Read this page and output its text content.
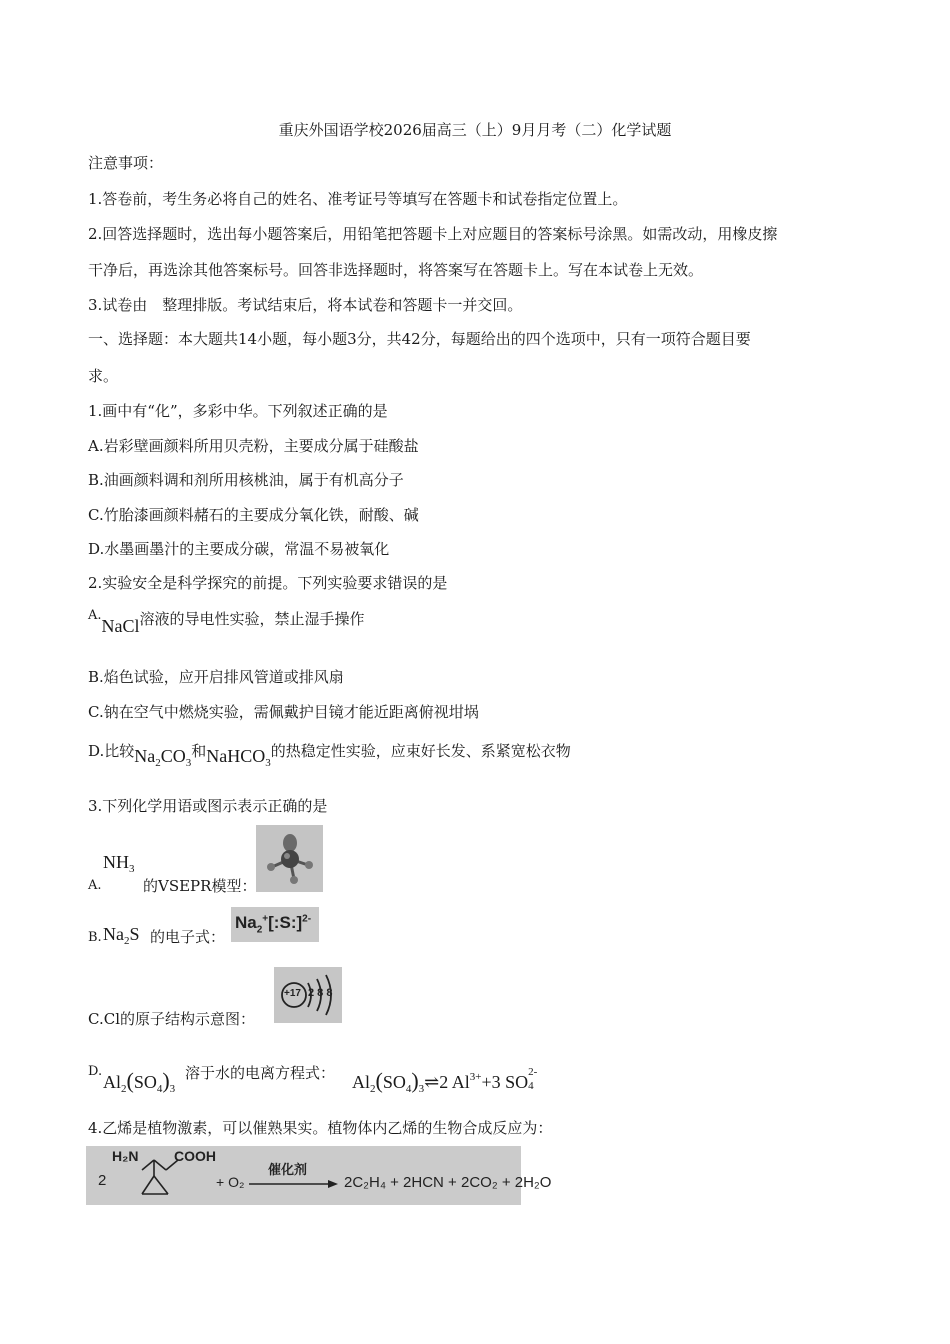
重庆外国语学校2026届高三（上）9月月考（二）化学试题
注意事项：
1.答卷前，考生务必将自己的姓名、准考证号等填写在答题卡和试卷指定位置上。
2.回答选择题时，选出每小题答案后，用铅笔把答题卡上对应题目的答案标号涂黑。如需改动，用橡皮擦
干净后，再选涂其他答案标号。回答非选择题时，将答案写在答题卡上。写在本试卷上无效。
3.试卷由　整理排版。考试结束后，将本试卷和答题卡一并交回。
一、选择题：本大题共14小题，每小题3分，共42分，每题给出的四个选项中，只有一项符合题目要
求。
1.画中有“化”，多彩中华。下列叙述正确的是
A.岩彩壁画颜料所用贝壳粉，主要成分属于硅酸盐
B.油画颜料调和剂所用核桃油，属于有机高分子
C.竹胎漆画颜料赭石的主要成分氧化铁，耐酸、碱
D.水墨画墨汁的主要成分碳，常温不易被氧化
2.实验安全是科学探究的前提。下列实验要求错误的是
A.NaCl溶液的导电性实验，禁止湿手操作
B.焰色试验，应开启排风管道或排风扇
C.钠在空气中燃烧实验，需佩戴护目镜才能近距离俯视坩埚
D.比较$Na_2CO_3$和NaHCO$_3$的热稳定性实验，应束好长发、系紧宽松衣物
3.下列化学用语或图示表示正确的是
$NH_3$
A.	的VSEPR模型：
B. $Na_2S$ 的电子式：
$Na_2^+[:S:]^{2-}$
C.Cl的原子结构示意图：
+17 2 8 8
D.
$Al_2(SO_4)_3$
溶于水的电离方程式： $Al_2(SO_4)_3\rightleftharpoons 2$ $Al^{3+}+3$ SO 2-
4
4.乙烯是植物激素，可以催熟果实。植物体内乙烯的生物合成反应为：
2
H₂N	COOH
+ O₂
催化剂
2C₂H₄ + 2HCN + 2CO₂ + 2H₂O
